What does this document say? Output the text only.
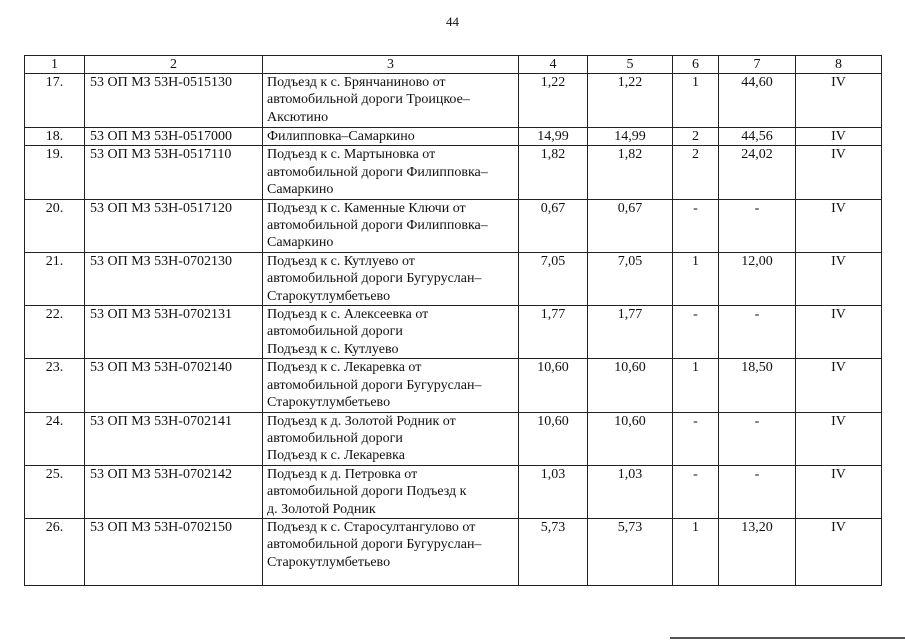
44
1	2	3	4	5	6	7	8
17.	53 ОП МЗ 53Н-0515130	Подъезд к с. Брянчаниново от
автомобильной дороги Троицкое–
Аксютино	1,22	1,22	1	44,60	IV
18.	53 ОП МЗ 53Н-0517000	Филипповка–Самаркино	14,99	14,99	2	44,56	IV
19.	53 ОП МЗ 53Н-0517110	Подъезд к с. Мартыновка от
автомобильной дороги Филипповка–
Самаркино	1,82	1,82	2	24,02	IV
20.	53 ОП МЗ 53Н-0517120	Подъезд к с. Каменные Ключи от
автомобильной дороги Филипповка–
Самаркино	0,67	0,67	-	-	IV
21.	53 ОП МЗ 53Н-0702130	Подъезд к с. Кутлуево от
автомобильной дороги Бугуруслан–
Старокутлумбетьево	7,05	7,05	1	12,00	IV
22.	53 ОП МЗ 53Н-0702131	Подъезд к с. Алексеевка от
автомобильной дороги
Подъезд к с. Кутлуево	1,77	1,77	-	-	IV
23.	53 ОП МЗ 53Н-0702140	Подъезд к с. Лекаревка от
автомобильной дороги Бугуруслан–
Старокутлумбетьево	10,60	10,60	1	18,50	IV
24.	53 ОП МЗ 53Н-0702141	Подъезд к д. Золотой Родник от
автомобильной дороги
Подъезд к с. Лекаревка	10,60	10,60	-	-	IV
25.	53 ОП МЗ 53Н-0702142	Подъезд к д. Петровка от
автомобильной дороги Подъезд к
д. Золотой Родник	1,03	1,03	-	-	IV
26.	53 ОП МЗ 53Н-0702150	Подъезд к с. Старосултангулово от
автомобильной дороги Бугуруслан–
Старокутлумбетьево	5,73	5,73	1	13,20	IV
